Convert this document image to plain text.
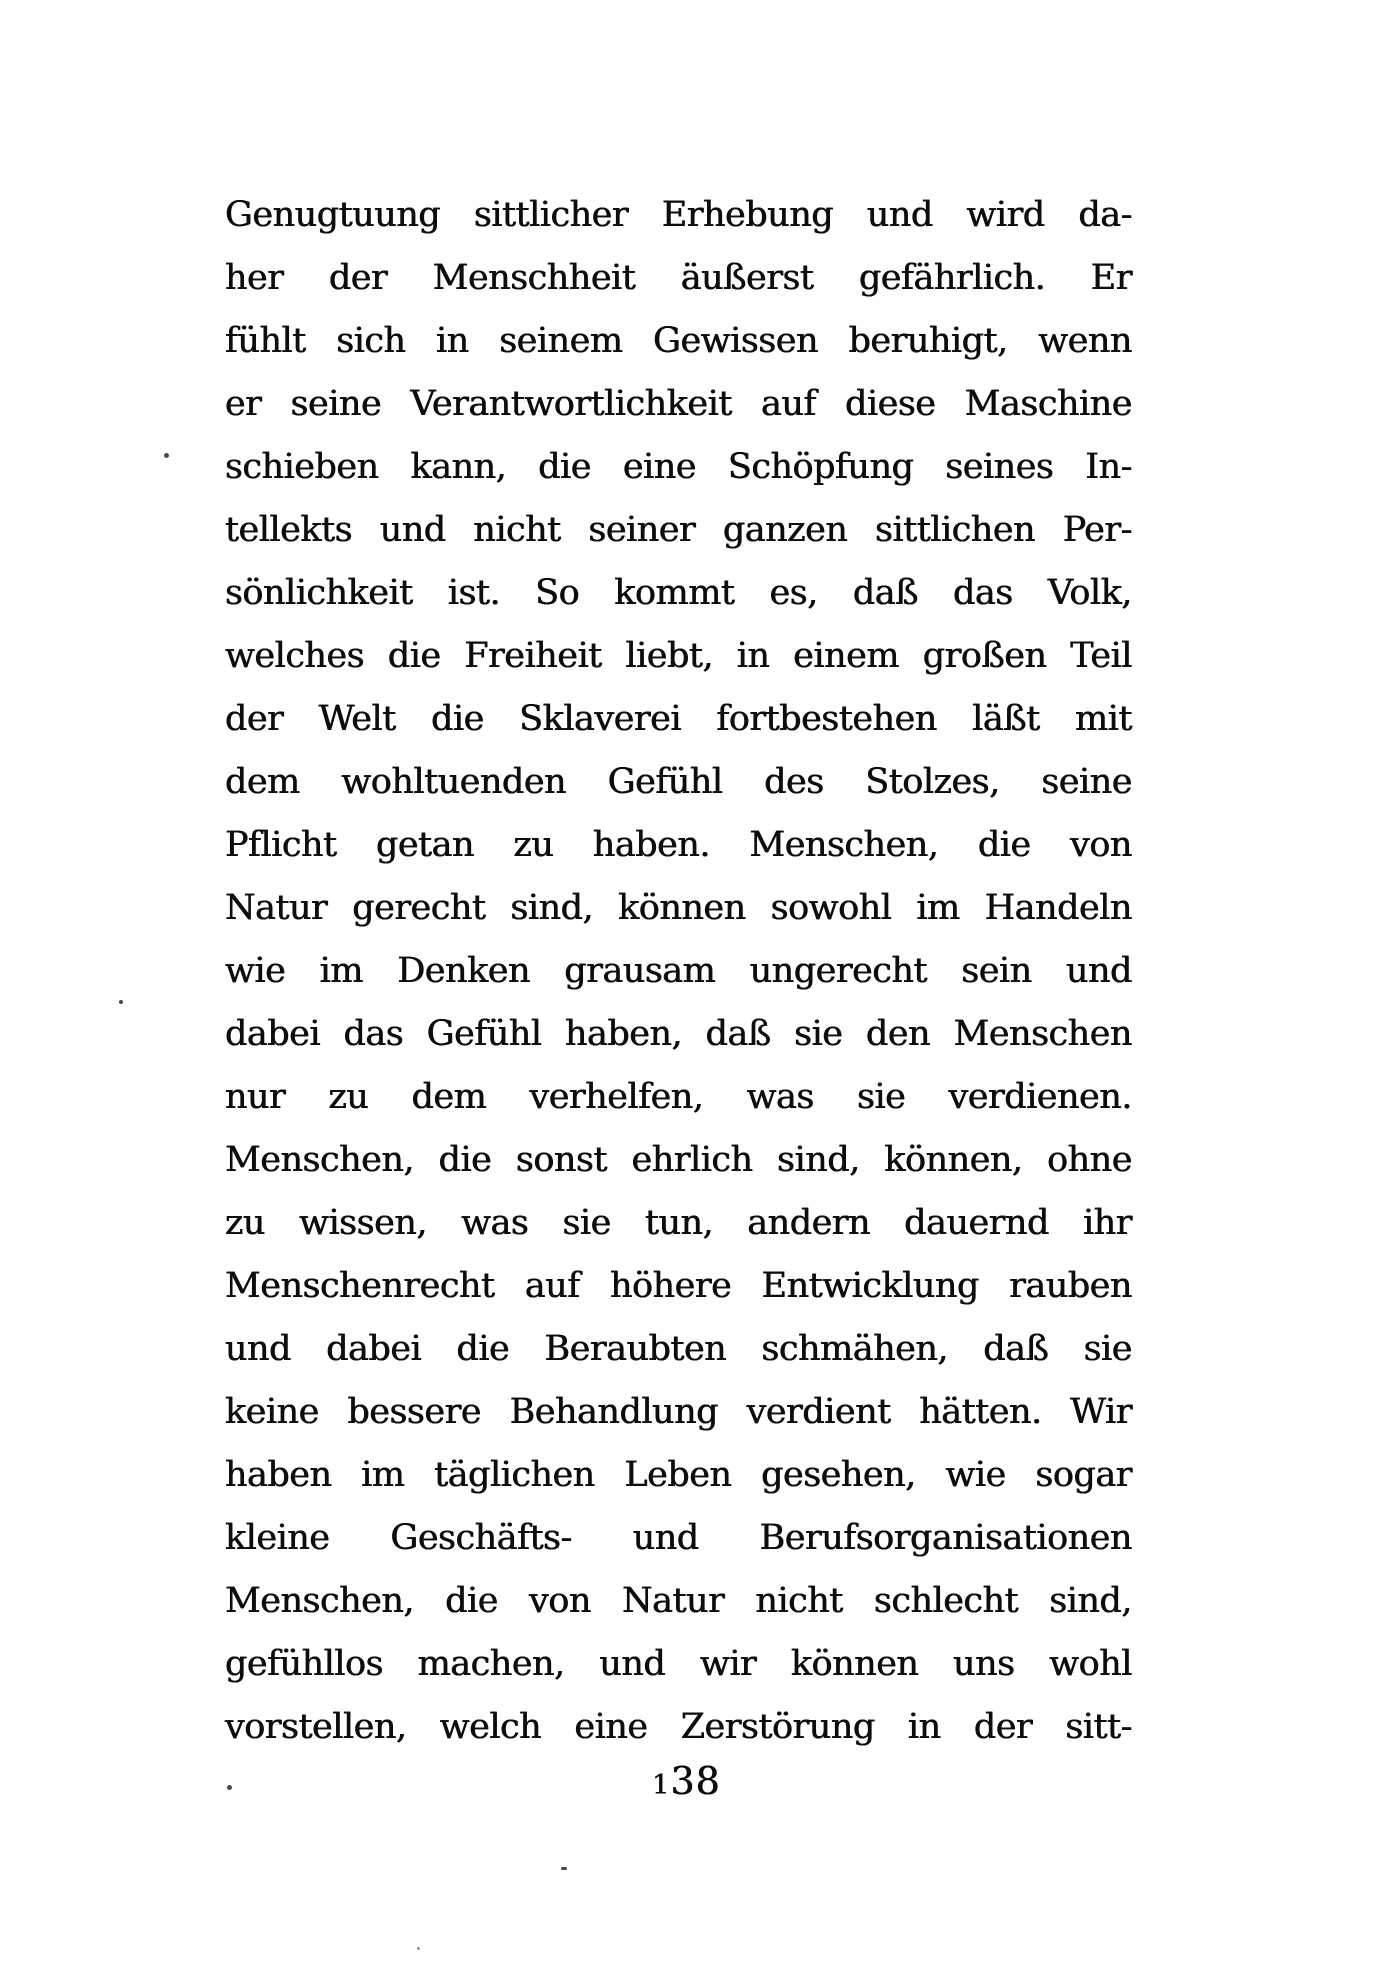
Genugtuung sittlicher Erhebung und wird da-
her der Menschheit äußerst gefährlich. Er
fühlt sich in seinem Gewissen beruhigt, wenn
er seine Verantwortlichkeit auf diese Maschine
schieben kann, die eine Schöpfung seines In-
tellekts und nicht seiner ganzen sittlichen Per-
sönlichkeit ist. So kommt es, daß das Volk,
welches die Freiheit liebt, in einem großen Teil
der Welt die Sklaverei fortbestehen läßt mit
dem wohltuenden Gefühl des Stolzes, seine
Pflicht getan zu haben. Menschen, die von
Natur gerecht sind, können sowohl im Handeln
wie im Denken grausam ungerecht sein und
dabei das Gefühl haben, daß sie den Menschen
nur zu dem verhelfen, was sie verdienen.
Menschen, die sonst ehrlich sind, können, ohne
zu wissen, was sie tun, andern dauernd ihr
Menschenrecht auf höhere Entwicklung rauben
und dabei die Beraubten schmähen, daß sie
keine bessere Behandlung verdient hätten. Wir
haben im täglichen Leben gesehen, wie sogar
kleine Geschäfts- und Berufsorganisationen
Menschen, die von Natur nicht schlecht sind,
gefühllos machen, und wir können uns wohl
vorstellen, welch eine Zerstörung in der sitt-
138
